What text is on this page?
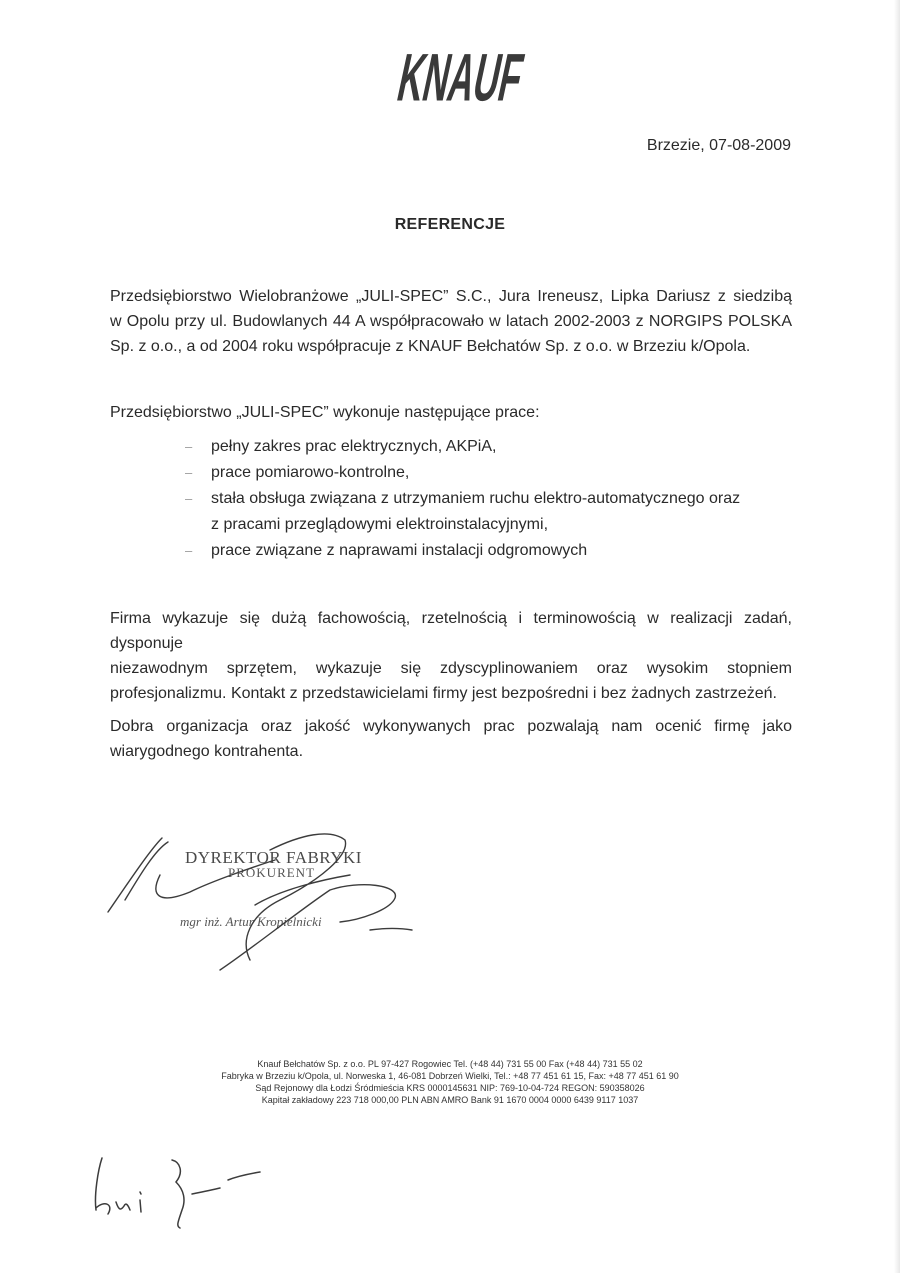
KNAUF
Brzezie, 07-08-2009
REFERENCJE

Przedsiębiorstwo Wielobranżowe „JULI-SPEC” S.C., Jura Ireneusz, Lipka Dariusz z siedzibą
w Opolu przy ul. Budowlanych 44 A współpracowało w latach 2002-2003 z NORGIPS POLSKA
Sp. z o.o., a od 2004 roku współpracuje z KNAUF Bełchatów Sp. z o.o. w Brzeziu k/Opola.

Przedsiębiorstwo „JULI-SPEC” wykonuje następujące prace:

– pełny zakres prac elektrycznych, AKPiA,
– prace pomiarowo-kontrolne,
– stała obsługa związana z utrzymaniem ruchu elektro-automatycznego oraz
z pracami przeglądowymi elektroinstalacyjnymi,
– prace związane z naprawami instalacji odgromowych

Firma wykazuje się dużą fachowością, rzetelnością i terminowością w realizacji zadań, dysponuje
niezawodnym sprzętem, wykazuje się zdyscyplinowaniem oraz wysokim stopniem
profesjonalizmu. Kontakt z przedstawicielami firmy jest bezpośredni i bez żadnych zastrzeżeń.

Dobra organizacja oraz jakość wykonywanych prac pozwalają nam ocenić firmę jako
wiarygodnego kontrahenta.

DYREKTOR FABRYKI
PROKURENT
mgr inż. Artur Kropielnicki
Knauf Bełchatów Sp. z o.o. PL 97-427 Rogowiec Tel. (+48 44) 731 55 00 Fax (+48 44) 731 55 02
Fabryka w Brzeziu k/Opola, ul. Norweska 1, 46-081 Dobrzeń Wielki, Tel.: +48 77 451 61 15, Fax: +48 77 451 61 90
Sąd Rejonowy dla Łodzi Śródmieścia KRS 0000145631 NIP: 769-10-04-724 REGON: 590358026
Kapitał zakładowy 223 718 000,00 PLN ABN AMRO Bank 91 1670 0004 0000 6439 9117 1037
